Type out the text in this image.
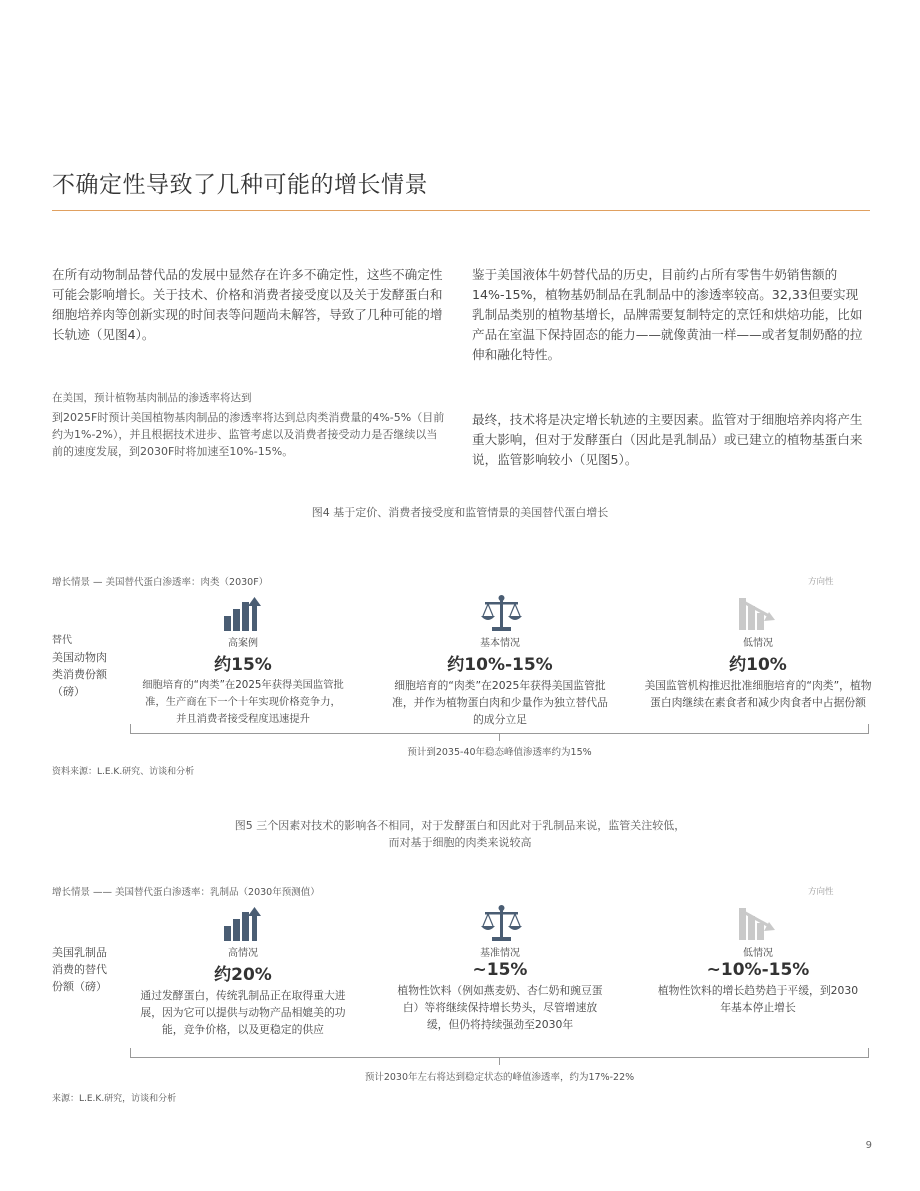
不确定性导致了几种可能的增长情景
在所有动物制品替代品的发展中显然存在许多不确定性，这些不确定性可能会影响增长。关于技术、价格和消费者接受度以及关于发酵蛋白和细胞培养肉等创新实现的时间表等问题尚未解答，导致了几种可能的增长轨迹（见图4）。
鉴于美国液体牛奶替代品的历史，目前约占所有零售牛奶销售额的14%-15%，植物基奶制品在乳制品中的渗透率较高。32,33但要实现乳制品类别的植物基增长，品牌需要复制特定的烹饪和烘焙功能，比如产品在室温下保持固态的能力——就像黄油一样——或者复制奶酪的拉伸和融化特性。
最终，技术将是决定增长轨迹的主要因素。监管对于细胞培养肉将产生重大影响，但对于发酵蛋白（因此是乳制品）或已建立的植物基蛋白来说，监管影响较小（见图5）。
在美国，预计植物基肉制品的渗透率将达到
到2025F时预计美国植物基肉制品的渗透率将达到总肉类消费量的4%-5%（目前约为1%-2%），并且根据技术进步、监管考虑以及消费者接受动力是否继续以当前的速度发展，到2030F时将加速至10%-15%。
图4 基于定价、消费者接受度和监管情景的美国替代蛋白增长
增长情景 — 美国替代蛋白渗透率：肉类（2030F）	方向性
替代
美国动物肉
类消费份额
（磅）
高案例
约15%
细胞培育的“肉类”在2025年获得美国监管批准，生产商在下一个十年实现价格竞争力，并且消费者接受程度迅速提升
基本情况
约10%-15%
细胞培育的“肉类”在2025年获得美国监管批准，并作为植物蛋白肉和少量作为独立替代品的成分立足
低情况
约10%
美国监管机构推迟批准细胞培育的“肉类”，植物蛋白肉继续在素食者和减少肉食者中占据份额
预计到2035-40年稳态峰值渗透率约为15%
资料来源：L.E.K.研究、访谈和分析
图5 三个因素对技术的影响各不相同，对于发酵蛋白和因此对于乳制品来说，监管关注较低，
而对基于细胞的肉类来说较高
增长情景 —— 美国替代蛋白渗透率：乳制品（2030年预测值）	方向性
美国乳制品
消费的替代
份额（磅）
高情况
约20%
通过发酵蛋白，传统乳制品正在取得重大进展，因为它可以提供与动物产品相媲美的功能，竞争价格，以及更稳定的供应
基准情况
~15%
植物性饮料（例如燕麦奶、杏仁奶和豌豆蛋白）等将继续保持增长势头，尽管增速放缓，但仍将持续强劲至2030年
低情况
~10%-15%
植物性饮料的增长趋势趋于平缓，到2030年基本停止增长
预计2030年左右将达到稳定状态的峰值渗透率，约为17%-22%
来源：L.E.K.研究，访谈和分析
9
